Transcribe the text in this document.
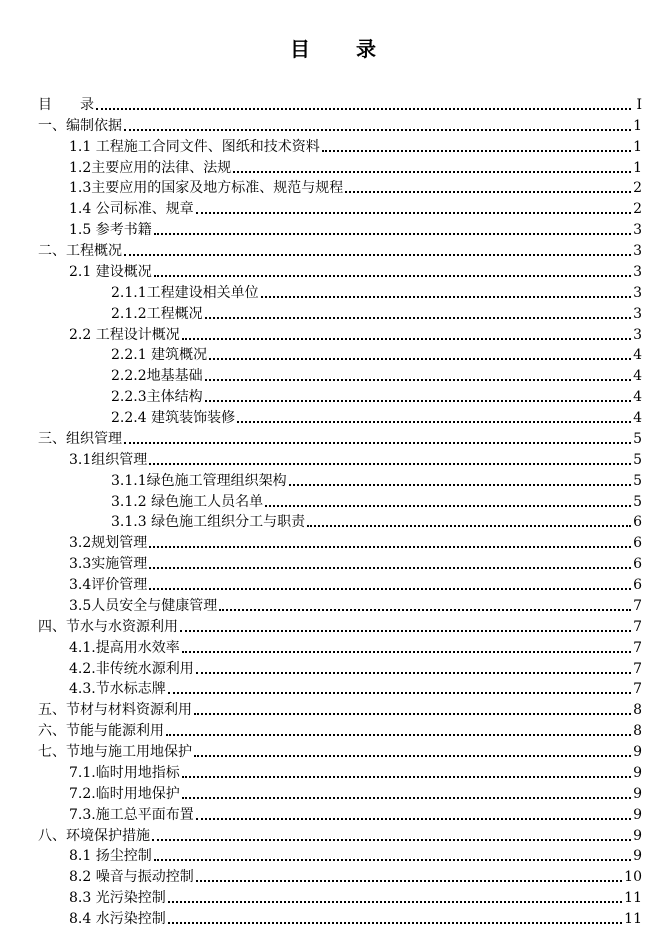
目　　录
目　　录	I
一、编制依据	1
1.1 工程施工合同文件、图纸和技术资料	1
1.2主要应用的法律、法规	1
1.3主要应用的国家及地方标准、规范与规程	2
1.4 公司标准、规章	2
1.5 参考书籍	3
二、工程概况	3
2.1 建设概况	3
2.1.1工程建设相关单位	3
2.1.2工程概况	3
2.2 工程设计概况	3
2.2.1 建筑概况	4
2.2.2地基基础	4
2.2.3主体结构	4
2.2.4 建筑装饰装修	4
三、组织管理	5
3.1组织管理	5
3.1.1绿色施工管理组织架构	5
3.1.2 绿色施工人员名单	5
3.1.3 绿色施工组织分工与职责	6
3.2规划管理	6
3.3实施管理	6
3.4评价管理	6
3.5人员安全与健康管理	7
四、节水与水资源利用	7
4.1.提高用水效率	7
4.2.非传统水源利用	7
4.3.节水标志牌	7
五、节材与材料资源利用	8
六、节能与能源利用	8
七、节地与施工用地保护	9
7.1.临时用地指标	9
7.2.临时用地保护	9
7.3.施工总平面布置	9
八、环境保护措施	9
8.1 扬尘控制	9
8.2 噪音与振动控制	10
8.3 光污染控制	11
8.4 水污染控制	11
